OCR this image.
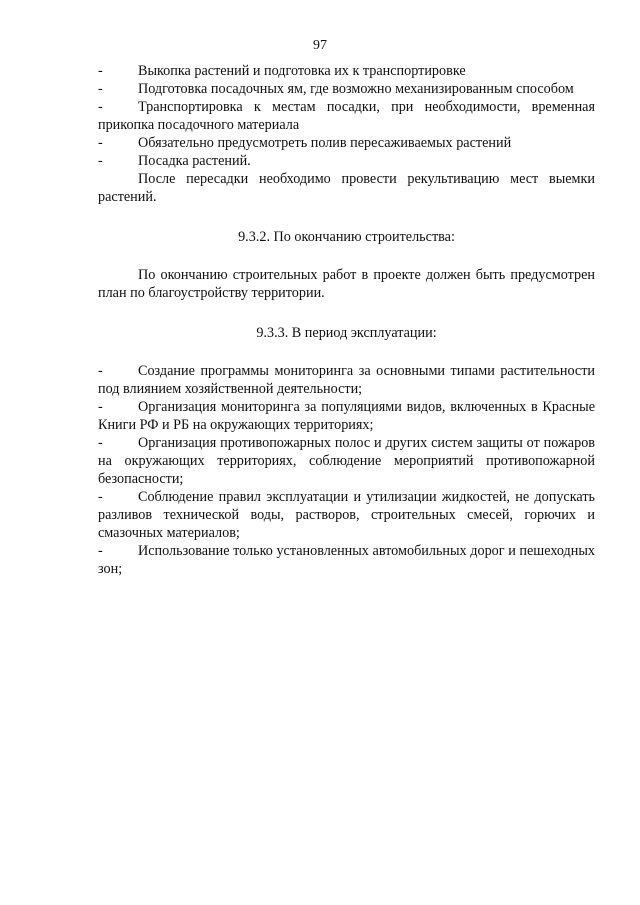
97

- Выкопка растений и подготовка их к транспортировке

- Подготовка посадочных ям, где возможно механизированным способом

- Транспортировка к местам посадки, при необходимости, временная прикопка посадочного материала

- Обязательно предусмотреть полив пересаживаемых растений

- Посадка растений.

После пересадки необходимо провести рекультивацию мест выемки растений.

9.3.2. По окончанию строительства:

По окончанию строительных работ в проекте должен быть предусмотрен план по благоустройству территории.

9.3.3. В период эксплуатации:

- Создание программы мониторинга за основными типами растительности под влиянием хозяйственной деятельности;

- Организация мониторинга за популяциями видов, включенных в Красные Книги РФ и РБ на окружающих территориях;

- Организация противопожарных полос и других систем защиты от пожаров на окружающих территориях, соблюдение мероприятий противопожарной безопасности;

- Соблюдение правил эксплуатации и утилизации жидкостей, не допускать разливов технической воды, растворов, строительных смесей, горючих и смазочных материалов;

- Использование только установленных автомобильных дорог и пешеходных зон;
